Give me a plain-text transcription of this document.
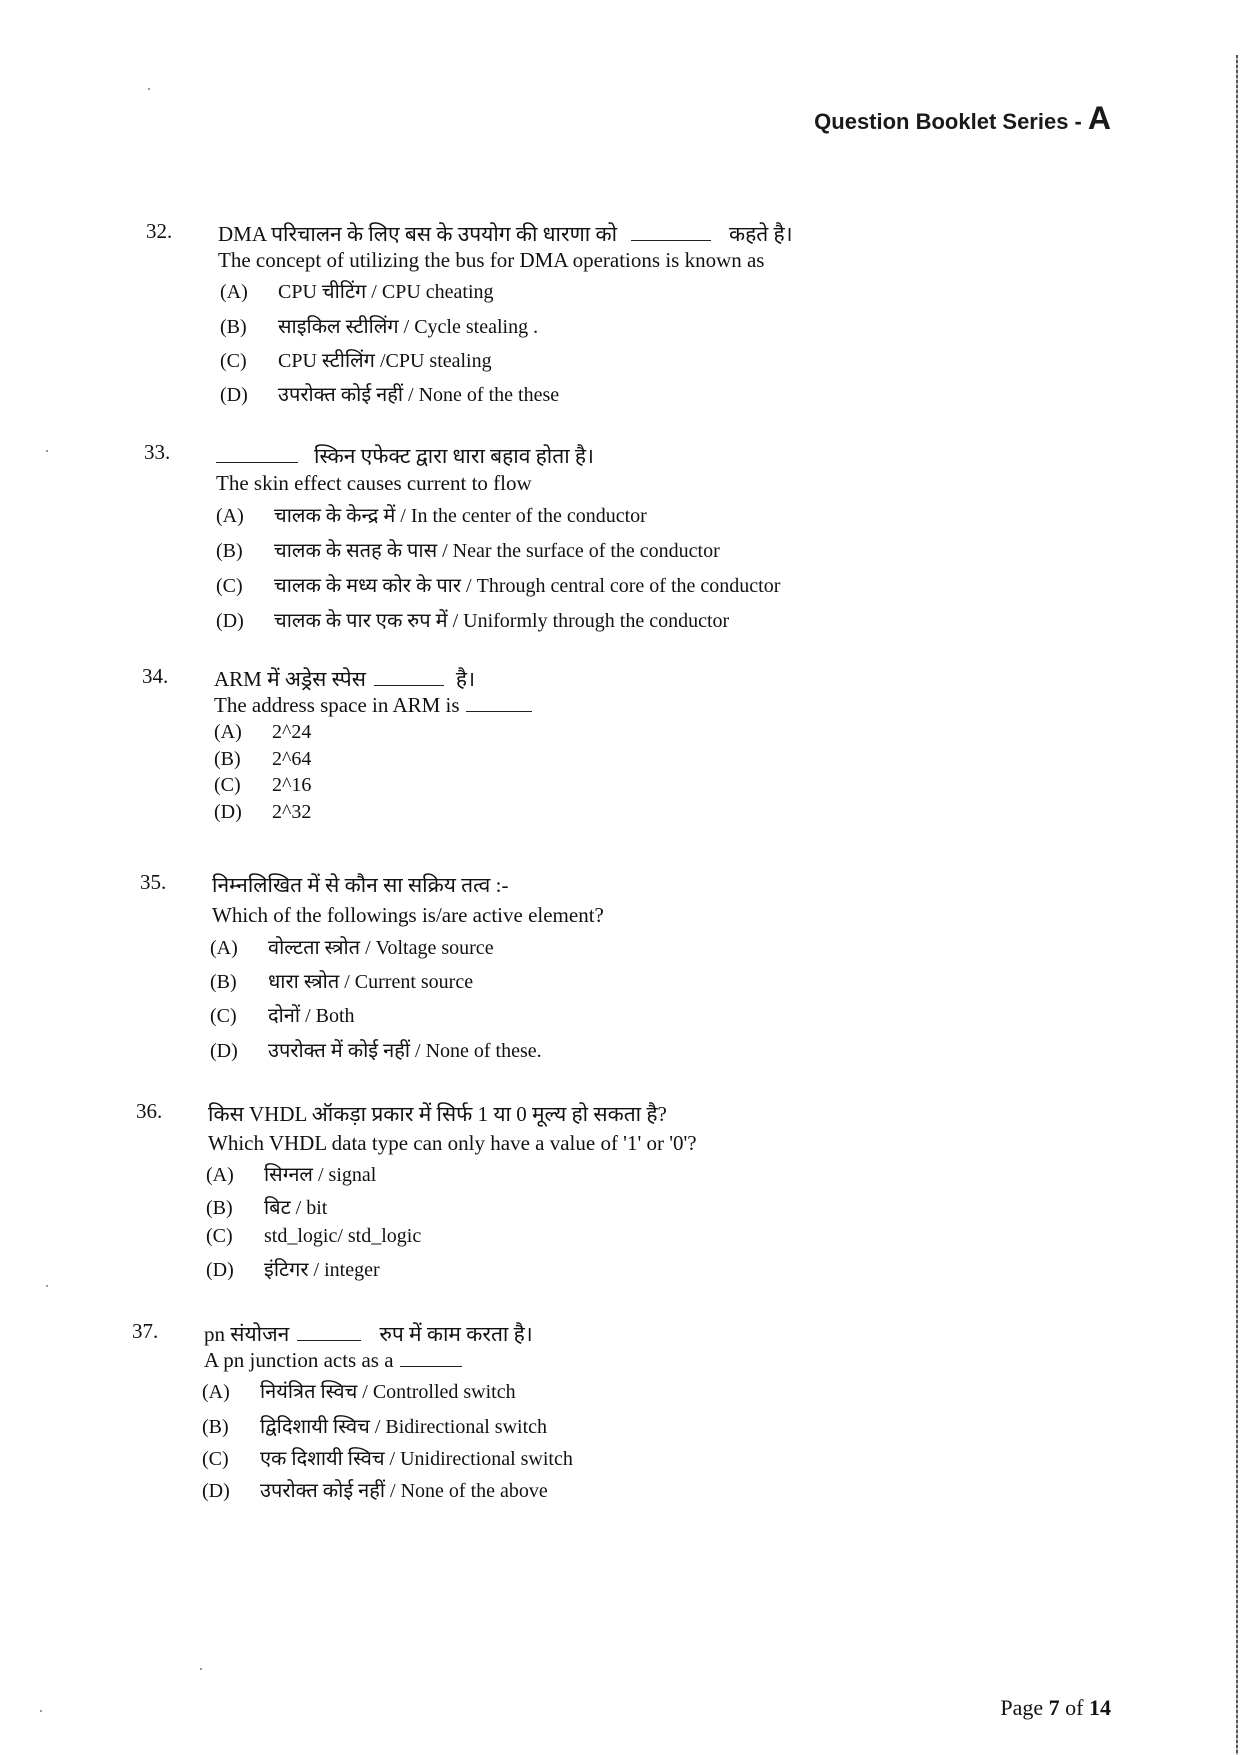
Question Booklet Series - A
32. DMA परिचालन के लिए बस के उपयोग की धारणा को	कहते है।
The concept of utilizing the bus for DMA operations is known as
(A) CPU चीटिंग / CPU cheating
(B) साइकिल स्टीलिंग / Cycle stealing .
(C) CPU स्टीलिंग /CPU stealing
(D) उपरोक्त कोई नहीं / None of the these
33.	स्किन एफेक्ट द्वारा धारा बहाव होता है।
The skin effect causes current to flow
(A) चालक के केन्द्र में / In the center of the conductor
(B) चालक के सतह के पास / Near the surface of the conductor
(C) चालक के मध्य कोर के पार / Through central core of the conductor
(D) चालक के पार एक रुप में / Uniformly through the conductor
34. ARM में अड्रेस स्पेस	है।
The address space in ARM is
(A) 2^24
(B) 2^64
(C) 2^16
(D) 2^32
35. निम्नलिखित में से कौन सा सक्रिय तत्व :-
Which of the followings is/are active element?
(A) वोल्टता स्त्रोत / Voltage source
(B) धारा स्त्रोत / Current source
(C) दोनों / Both
(D) उपरोक्त में कोई नहीं / None of these.
36. किस VHDL ऑकड़ा प्रकार में सिर्फ 1 या 0 मूल्य हो सकता है?
Which VHDL data type can only have a value of '1' or '0'?
(A) सिग्नल / signal
(B) बिट / bit
(C) std_logic/ std_logic
(D) इंटिगर / integer
37. pn संयोजन	रुप में काम करता है।
A pn junction acts as a
(A) नियंत्रित स्विच / Controlled switch
(B) द्विदिशायी स्विच / Bidirectional switch
(C) एक दिशायी स्विच / Unidirectional switch
(D) उपरोक्त कोई नहीं / None of the above
Page 7 of 14
